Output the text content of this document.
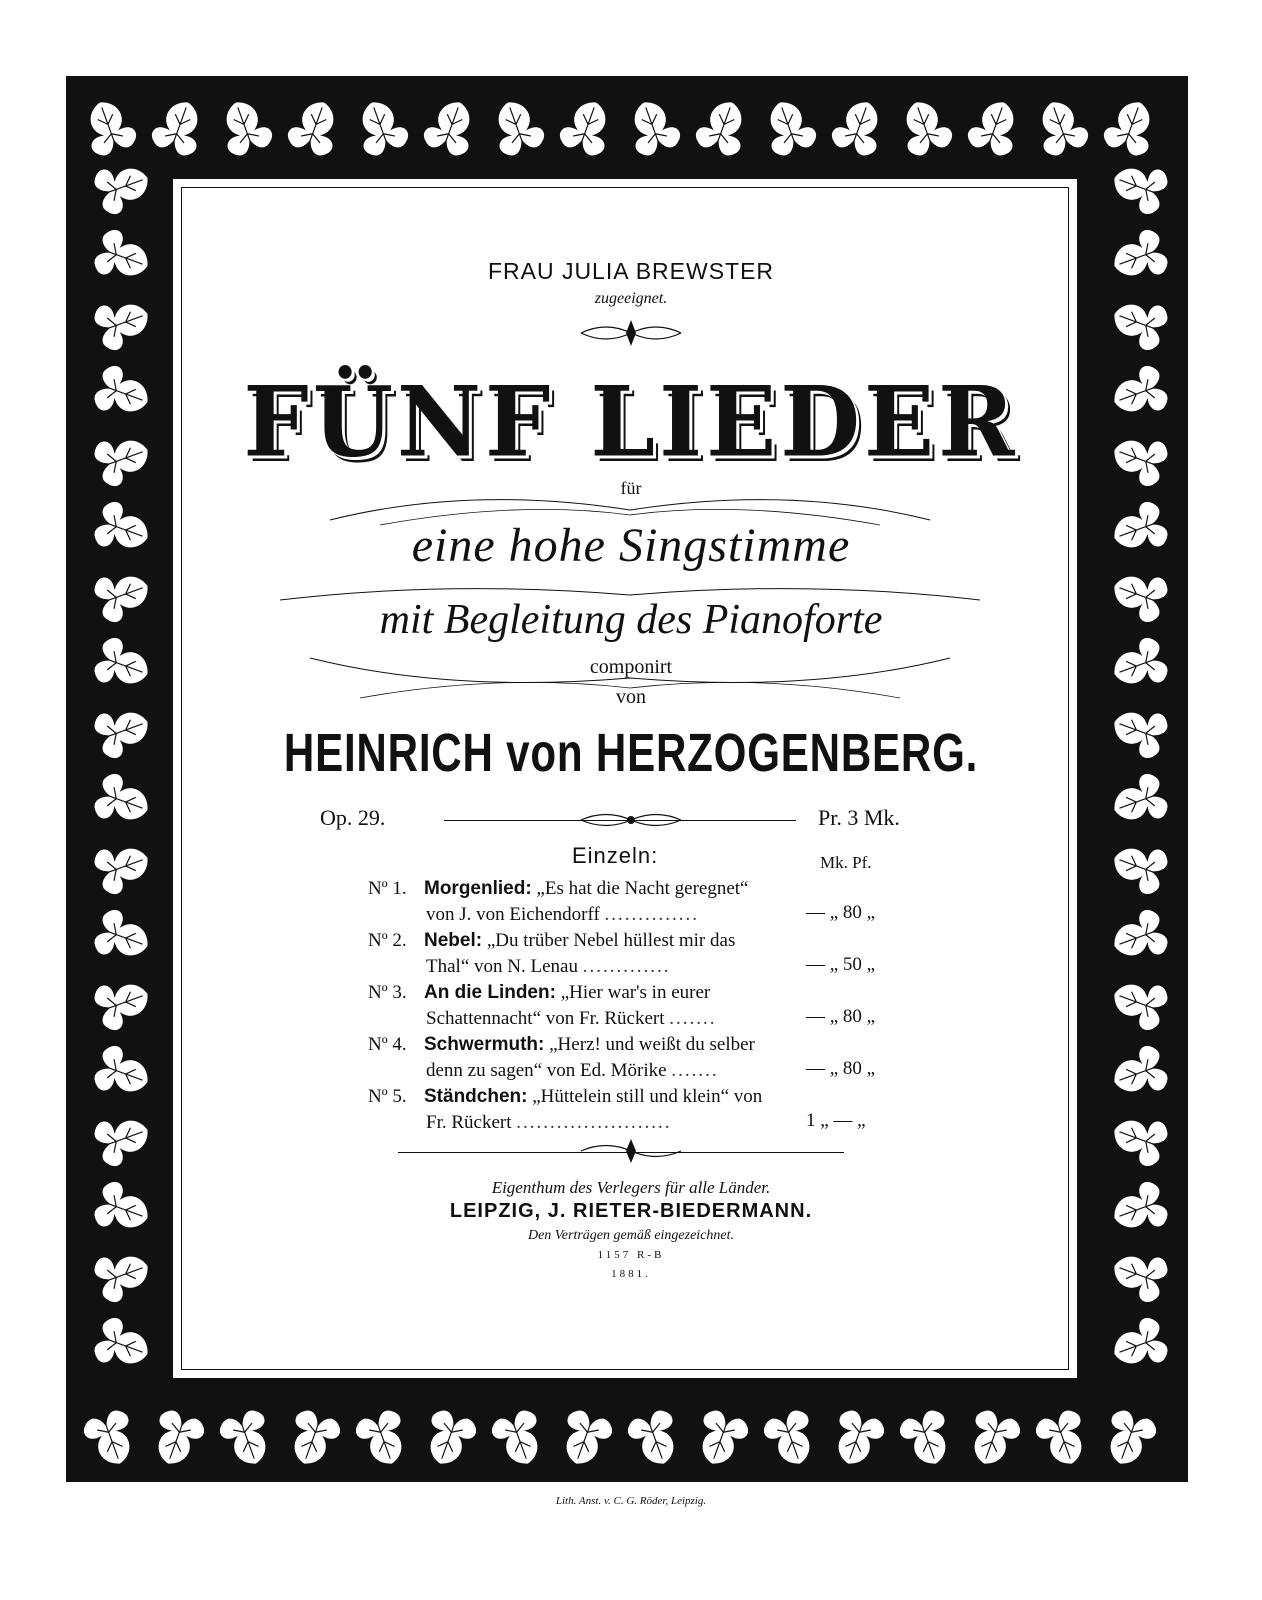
FRAU JULIA BREWSTER
zugeeignet.
FÜNF LIEDER
für
eine hohe Singstimme
mit Begleitung des Pianoforte
componirt
von
HEINRICH von HERZOGENBERG.
Op. 29.	Pr. 3 Mk.
Einzeln:	Mk. Pf.
Nº 1. Morgenlied: „Es hat die Nacht geregnet“
von J. von Eichendorff ..............	— „ 80 „
Nº 2. Nebel: „Du trüber Nebel hüllest mir das
Thal“ von N. Lenau .............	— „ 50 „
Nº 3. An die Linden: „Hier war's in eurer
Schattennacht“ von Fr. Rückert .......	— „ 80 „
Nº 4. Schwermuth: „Herz! und weißt du selber
denn zu sagen“ von Ed. Mörike .......	— „ 80 „
Nº 5. Ständchen: „Hüttelein still und klein“ von
Fr. Rückert .......................	1 „ — „
Eigenthum des Verlegers für alle Länder.
LEIPZIG, J. RIETER-BIEDERMANN.
Den Verträgen gemäß eingezeichnet.
1157 R-B
1881.
Lith. Anst. v. C. G. Röder, Leipzig.
